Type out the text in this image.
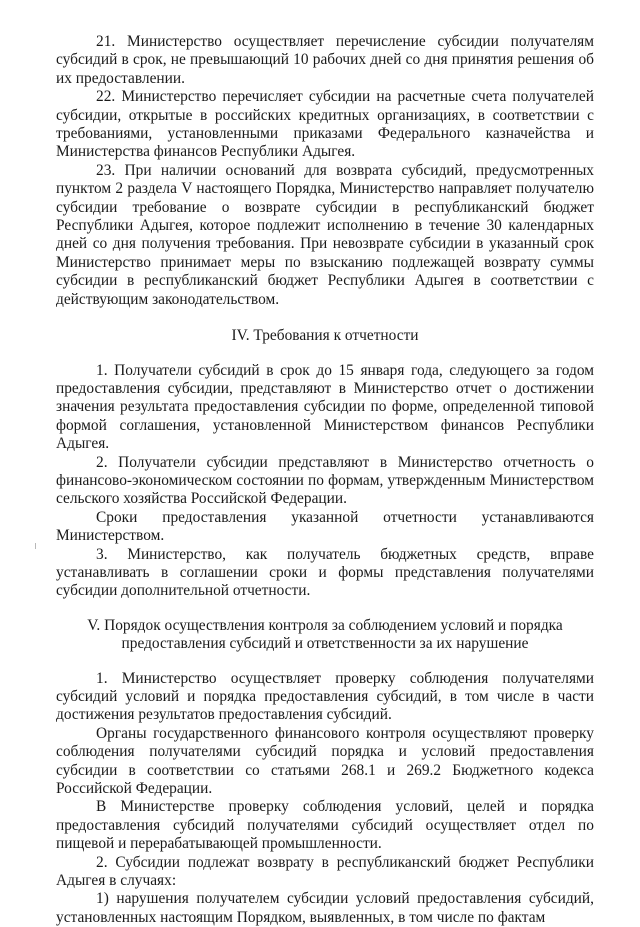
21. Министерство осуществляет перечисление субсидии получателям субсидий в срок, не превышающий 10 рабочих дней со дня принятия решения об их предоставлении.

22. Министерство перечисляет субсидии на расчетные счета получателей субсидии, открытые в российских кредитных организациях, в соответствии с требованиями, установленными приказами Федерального казначейства и Министерства финансов Республики Адыгея.

23. При наличии оснований для возврата субсидий, предусмотренных пунктом 2 раздела V настоящего Порядка, Министерство направляет получателю субсидии требование о возврате субсидии в республиканский бюджет Республики Адыгея, которое подлежит исполнению в течение 30 календарных дней со дня получения требования. При невозврате субсидии в указанный срок Министерство принимает меры по взысканию подлежащей возврату суммы субсидии в республиканский бюджет Республики Адыгея в соответствии с действующим законодательством.

IV. Требования к отчетности

1. Получатели субсидий в срок до 15 января года, следующего за годом предоставления субсидии, представляют в Министерство отчет о достижении значения результата предоставления субсидии по форме, определенной типовой формой соглашения, установленной Министерством финансов Республики Адыгея.

2. Получатели субсидии представляют в Министерство отчетность о финансово-экономическом состоянии по формам, утвержденным Министерством сельского хозяйства Российской Федерации.

Сроки предоставления указанной отчетности устанавливаются Министерством.

3. Министерство, как получатель бюджетных средств, вправе устанавливать в соглашении сроки и формы представления получателями субсидии дополнительной отчетности.

V. Порядок осуществления контроля за соблюдением условий и порядка

предоставления субсидий и ответственности за их нарушение

1. Министерство осуществляет проверку соблюдения получателями субсидий условий и порядка предоставления субсидий, в том числе в части достижения результатов предоставления субсидий.

Органы государственного финансового контроля осуществляют проверку соблюдения получателями субсидий порядка и условий предоставления субсидии в соответствии со статьями 268.1 и 269.2 Бюджетного кодекса Российской Федерации.

В Министерстве проверку соблюдения условий, целей и порядка предоставления субсидий получателями субсидий осуществляет отдел по пищевой и перерабатывающей промышленности.

2. Субсидии подлежат возврату в республиканский бюджет Республики Адыгея в случаях:

1) нарушения получателем субсидии условий предоставления субсидий, установленных настоящим Порядком, выявленных, в том числе по фактам
